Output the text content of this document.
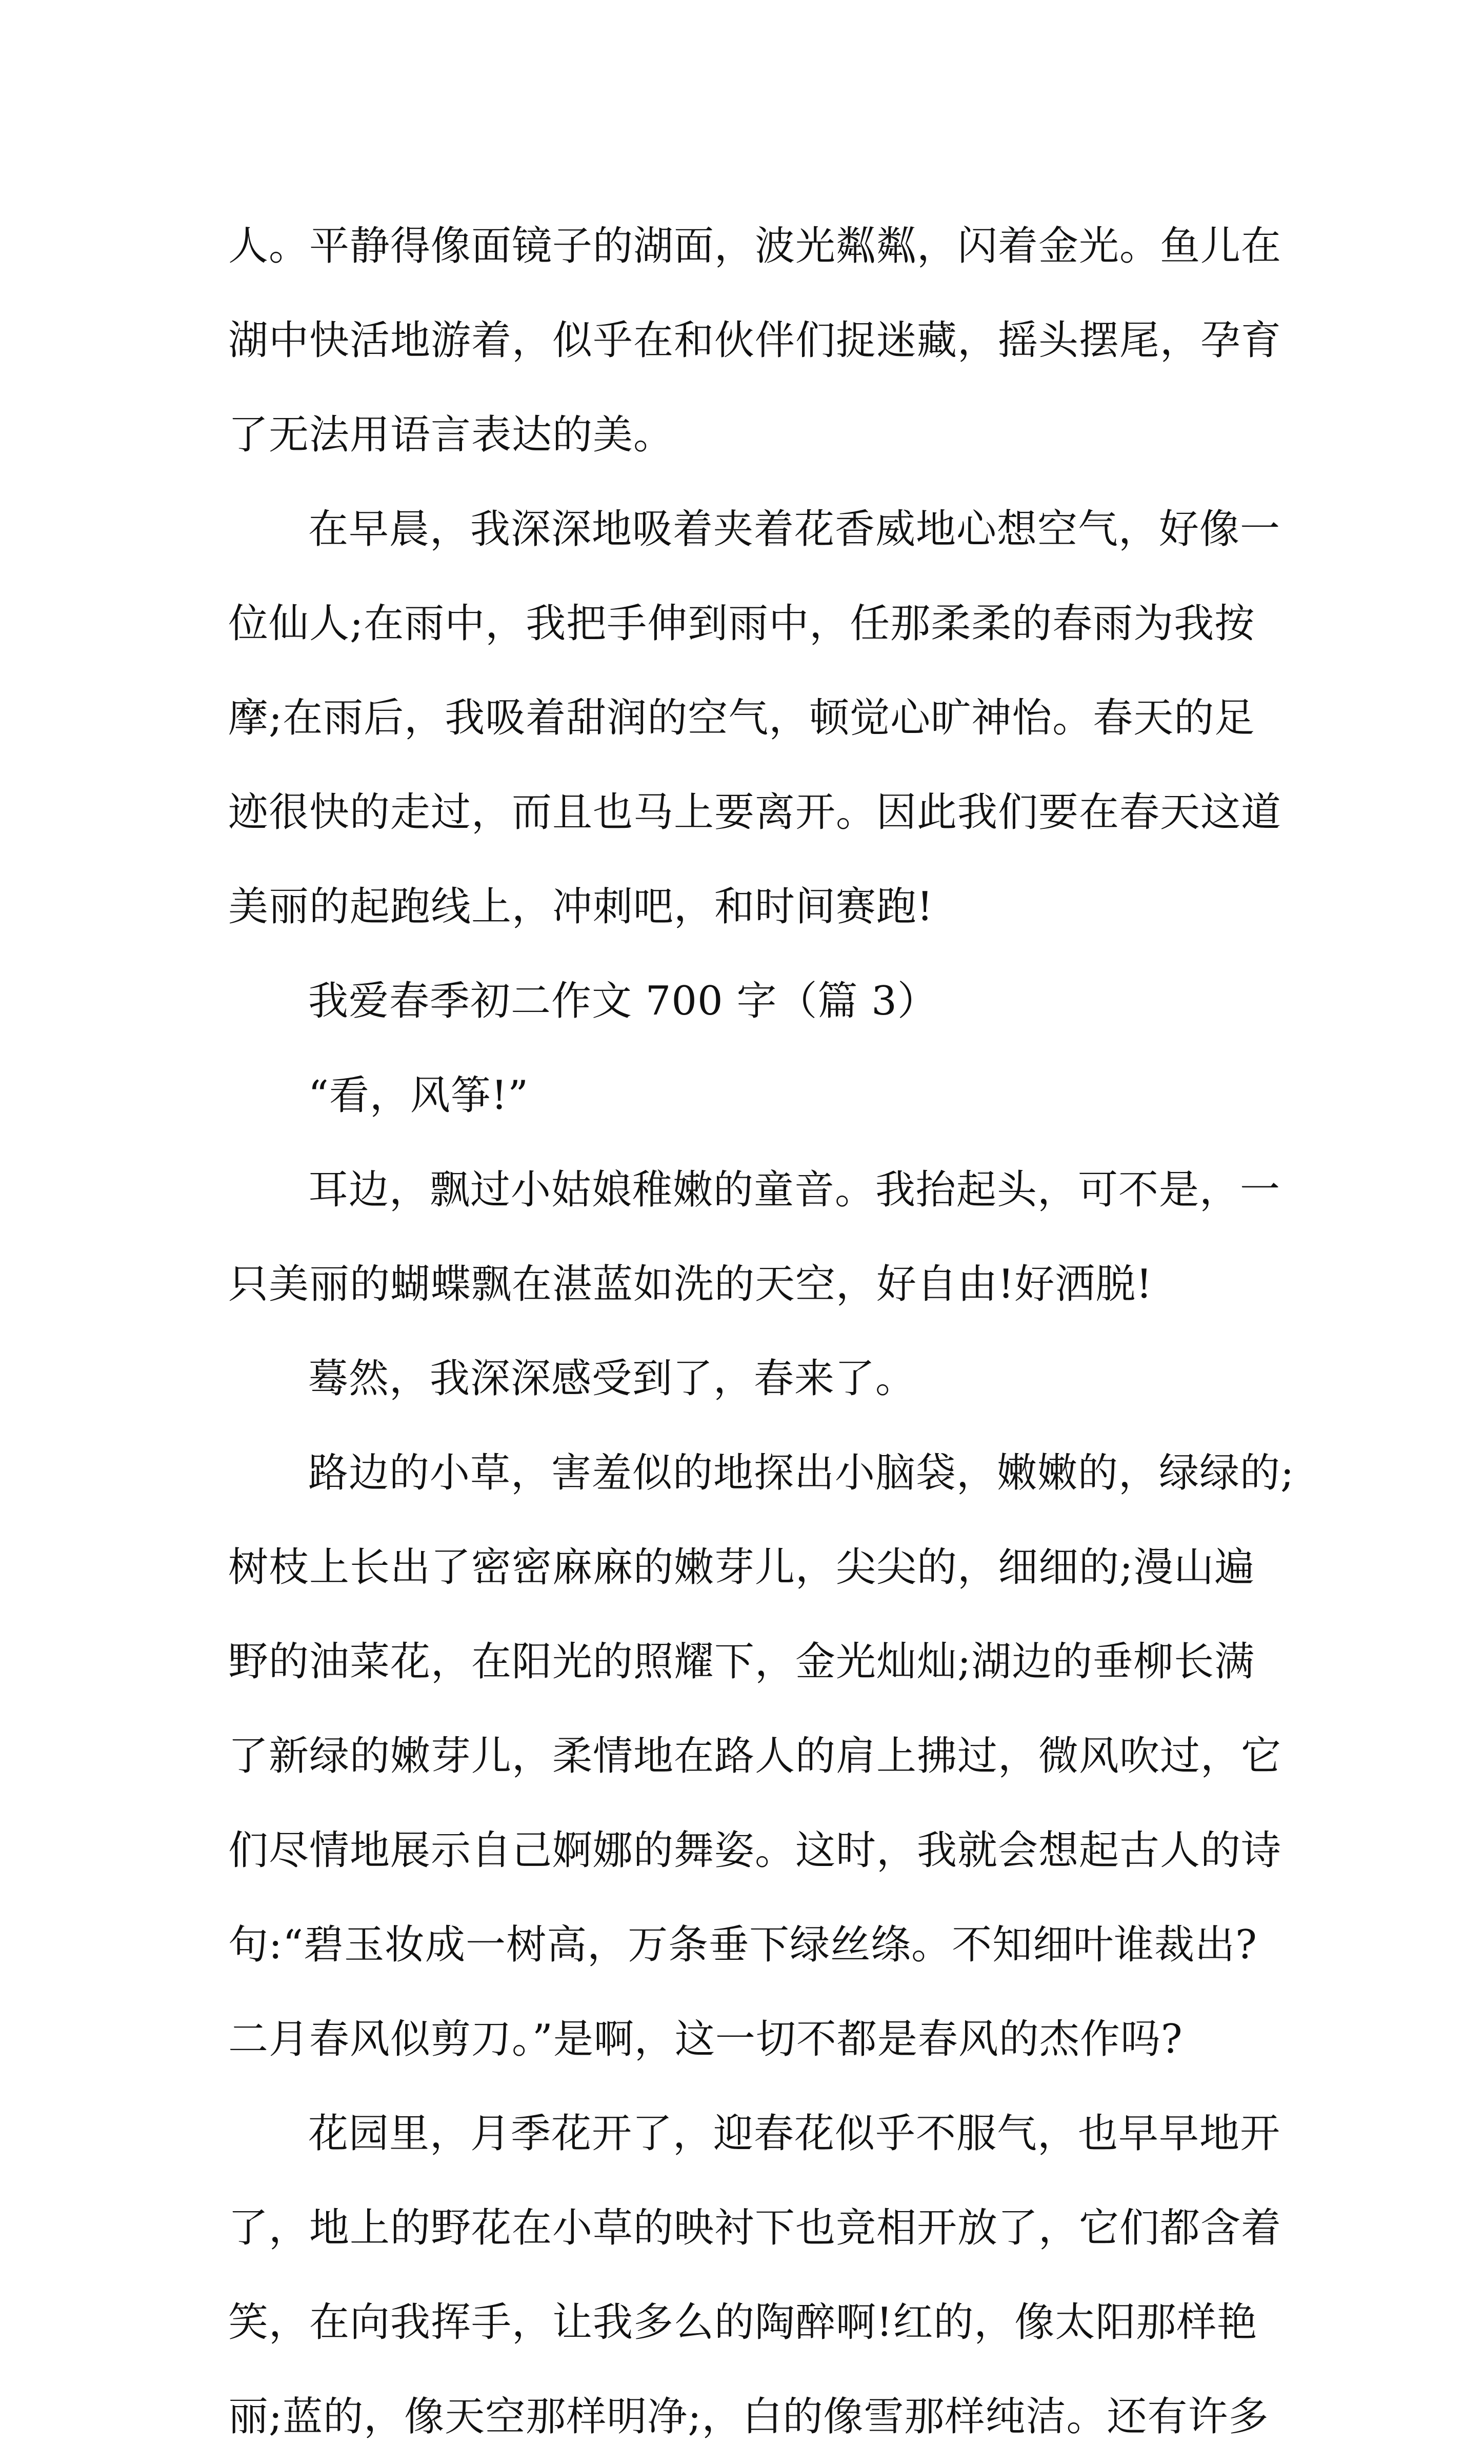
人。平静得像面镜子的湖面，波光粼粼，闪着金光。鱼儿在
湖中快活地游着，似乎在和伙伴们捉迷藏，摇头摆尾，孕育
了无法用语言表达的美。
在早晨，我深深地吸着夹着花香威地心想空气，好像一
位仙人;在雨中，我把手伸到雨中，任那柔柔的春雨为我按
摩;在雨后，我吸着甜润的空气，顿觉心旷神怡。春天的足
迹很快的走过，而且也马上要离开。因此我们要在春天这道
美丽的起跑线上，冲刺吧，和时间赛跑!
我爱春季初二作文 700 字（篇 3）
“看，风筝!”
耳边，飘过小姑娘稚嫩的童音。我抬起头，可不是，一
只美丽的蝴蝶飘在湛蓝如洗的天空，好自由!好洒脱!
蓦然，我深深感受到了，春来了。
路边的小草，害羞似的地探出小脑袋，嫩嫩的，绿绿的;
树枝上长出了密密麻麻的嫩芽儿，尖尖的，细细的;漫山遍
野的油菜花，在阳光的照耀下，金光灿灿;湖边的垂柳长满
了新绿的嫩芽儿，柔情地在路人的肩上拂过，微风吹过，它
们尽情地展示自己婀娜的舞姿。这时，我就会想起古人的诗
句:“碧玉妆成一树高，万条垂下绿丝绦。不知细叶谁裁出?
二月春风似剪刀。”是啊，这一切不都是春风的杰作吗?
花园里，月季花开了，迎春花似乎不服气，也早早地开
了，地上的野花在小草的映衬下也竞相开放了，它们都含着
笑，在向我挥手，让我多么的陶醉啊!红的，像太阳那样艳
丽;蓝的，像天空那样明净;，白的像雪那样纯洁。还有许多
